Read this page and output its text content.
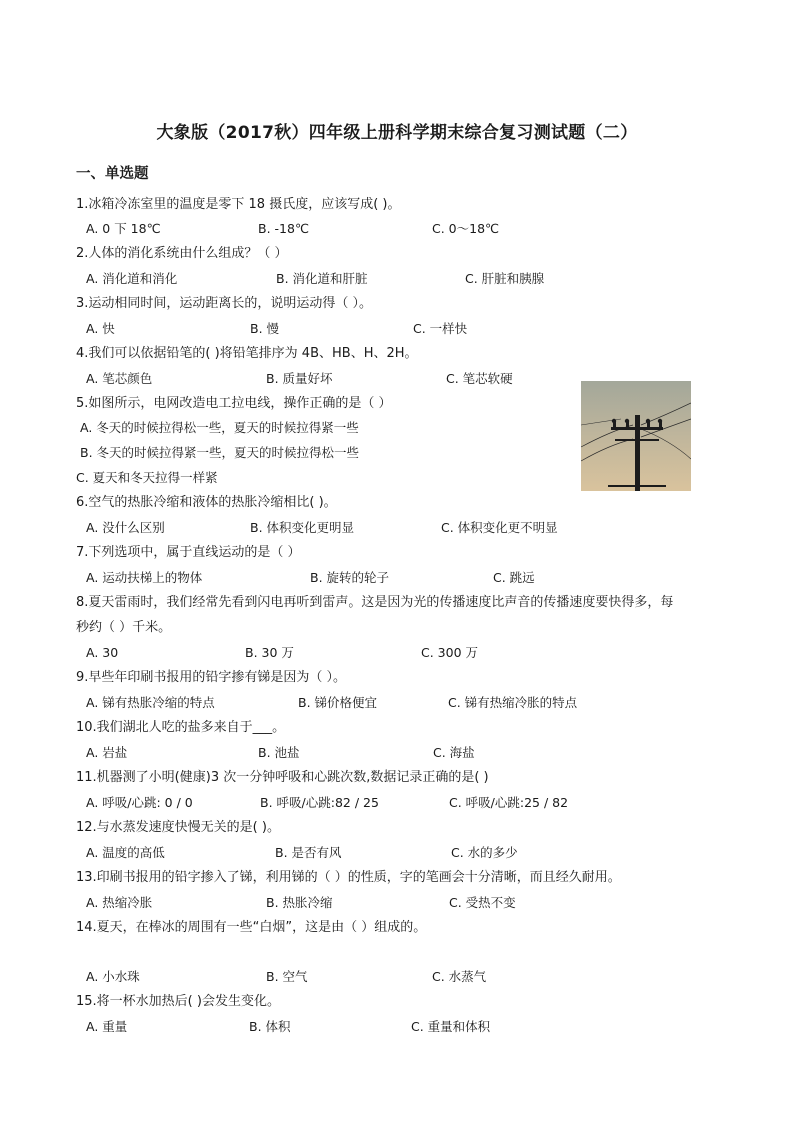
大象版（2017秋）四年级上册科学期末综合复习测试题（二）
一、单选题
1.冰箱冷冻室里的温度是零下 18 摄氏度，应该写成( )。
A. 0 下 18℃	B. -18℃	C. 0～18℃
2.人体的消化系统由什么组成？（ ）
A. 消化道和消化	B. 消化道和肝脏	C. 肝脏和胰腺
3.运动相同时间，运动距离长的，说明运动得（ ）。
A. 快	B. 慢	C. 一样快
4.我们可以依据铅笔的( )将铅笔排序为 4B、HB、H、2H。
A. 笔芯颜色	B. 质量好坏	C. 笔芯软硬
5.如图所示，电网改造电工拉电线，操作正确的是（ ）
A. 冬天的时候拉得松一些，夏天的时候拉得紧一些
B. 冬天的时候拉得紧一些，夏天的时候拉得松一些
C. 夏天和冬天拉得一样紧
6.空气的热胀冷缩和液体的热胀冷缩相比( )。
A. 没什么区别	B. 体积变化更明显	C. 体积变化更不明显
7.下列选项中，属于直线运动的是（ ）
A. 运动扶梯上的物体	B. 旋转的轮子	C. 跳远
8.夏天雷雨时，我们经常先看到闪电再听到雷声。这是因为光的传播速度比声音的传播速度要快得多，每
秒约（ ）千米。
A. 30	B. 30 万	C. 300 万
9.早些年印刷书报用的铅字掺有锑是因为（ ）。
A. 锑有热胀冷缩的特点	B. 锑价格便宜	C. 锑有热缩冷胀的特点
10.我们湖北人吃的盐多来自于___。
A. 岩盐	B. 池盐	C. 海盐
11.机器测了小明(健康)3 次一分钟呼吸和心跳次数,数据记录正确的是( )
A. 呼吸/心跳: 0 / 0	B. 呼吸/心跳:82 / 25	C. 呼吸/心跳:25 / 82
12.与水蒸发速度快慢无关的是( )。
A. 温度的高低	B. 是否有风	C. 水的多少
13.印刷书报用的铅字掺入了锑，利用锑的（ ）的性质，字的笔画会十分清晰，而且经久耐用。
A. 热缩冷胀	B. 热胀冷缩	C. 受热不变
14.夏天，在棒冰的周围有一些“白烟”，这是由（ ）组成的。
A. 小水珠	B. 空气	C. 水蒸气
15.将一杯水加热后( )会发生变化。
A. 重量	B. 体积	C. 重量和体积
